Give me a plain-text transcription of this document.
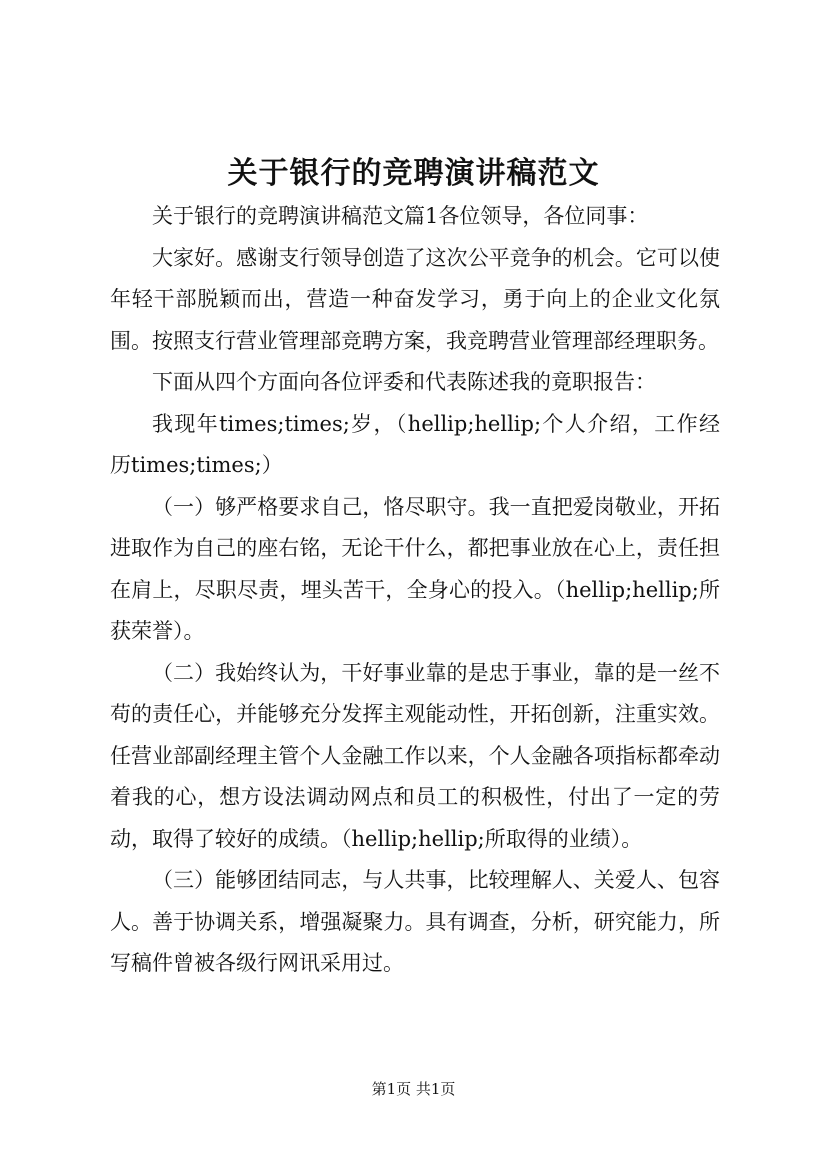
关于银行的竞聘演讲稿范文

关于银行的竞聘演讲稿范文篇1各位领导，各位同事：

大家好。感谢支行领导创造了这次公平竞争的机会。它可以使年轻干部脱颖而出，营造一种奋发学习，勇于向上的企业文化氛围。按照支行营业管理部竞聘方案，我竞聘营业管理部经理职务。

下面从四个方面向各位评委和代表陈述我的竟职报告：

我现年times;times;岁，（hellip;hellip;个人介绍，工作经历times;times;）

（一）够严格要求自己，恪尽职守。我一直把爱岗敬业，开拓进取作为自己的座右铭，无论干什么，都把事业放在心上，责任担在肩上，尽职尽责，埋头苦干，全身心的投入。（hellip;hellip;所获荣誉）。

（二）我始终认为，干好事业靠的是忠于事业，靠的是一丝不苟的责任心，并能够充分发挥主观能动性，开拓创新，注重实效。任营业部副经理主管个人金融工作以来，个人金融各项指标都牵动着我的心，想方设法调动网点和员工的积极性，付出了一定的劳动，取得了较好的成绩。（hellip;hellip;所取得的业绩）。

（三）能够团结同志，与人共事，比较理解人、关爱人、包容人。善于协调关系，增强凝聚力。具有调查，分析，研究能力，所写稿件曾被各级行网讯采用过。

第1页 共1页
